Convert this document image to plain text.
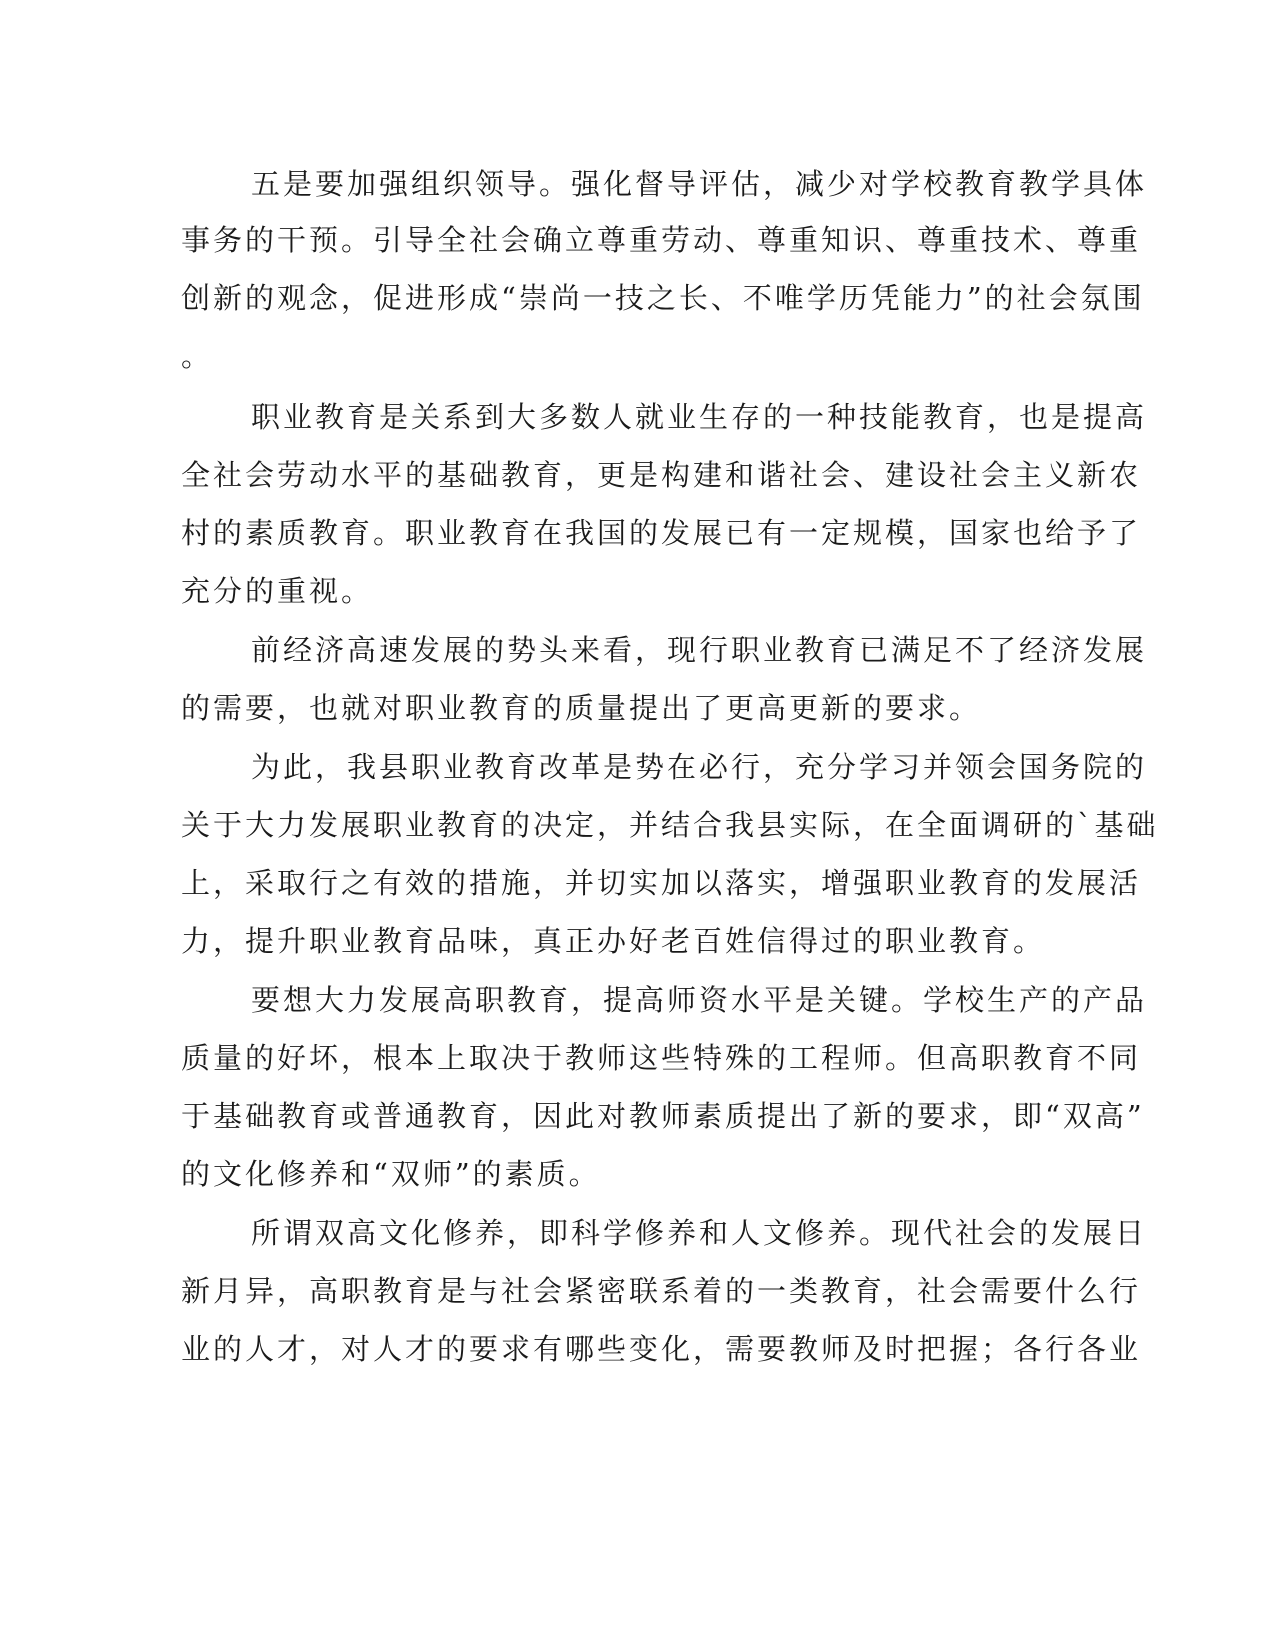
五是要加强组织领导。强化督导评估，减少对学校教育教学具体
事务的干预。引导全社会确立尊重劳动、尊重知识、尊重技术、尊重
创新的观念，促进形成“崇尚一技之长、不唯学历凭能力”的社会氛围
。
职业教育是关系到大多数人就业生存的一种技能教育，也是提高
全社会劳动水平的基础教育，更是构建和谐社会、建设社会主义新农
村的素质教育。职业教育在我国的发展已有一定规模，国家也给予了
充分的重视。
前经济高速发展的势头来看，现行职业教育已满足不了经济发展
的需要，也就对职业教育的质量提出了更高更新的要求。
为此，我县职业教育改革是势在必行，充分学习并领会国务院的
关于大力发展职业教育的决定，并结合我县实际，在全面调研的`基础
上，采取行之有效的措施，并切实加以落实，增强职业教育的发展活
力，提升职业教育品味，真正办好老百姓信得过的职业教育。
要想大力发展高职教育，提高师资水平是关键。学校生产的产品
质量的好坏，根本上取决于教师这些特殊的工程师。但高职教育不同
于基础教育或普通教育，因此对教师素质提出了新的要求，即“双高”
的文化修养和“双师”的素质。
所谓双高文化修养，即科学修养和人文修养。现代社会的发展日
新月异，高职教育是与社会紧密联系着的一类教育，社会需要什么行
业的人才，对人才的要求有哪些变化，需要教师及时把握；各行各业
